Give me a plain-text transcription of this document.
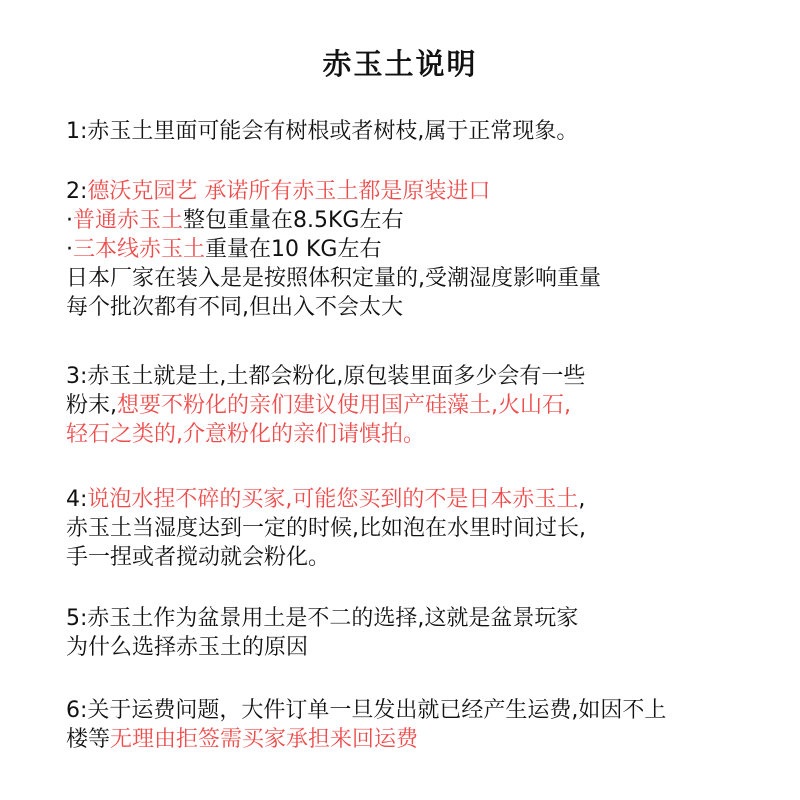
赤玉土说明
1:赤玉土里面可能会有树根或者树枝,属于正常现象。
2:德沃克园艺 承诺所有赤玉土都是原装进口
·普通赤玉土整包重量在8.5KG左右
·三本线赤玉土重量在10 KG左右
日本厂家在装入是是按照体积定量的,受潮湿度影响重量
每个批次都有不同,但出入不会太大
3:赤玉土就是土,土都会粉化,原包装里面多少会有一些
粉末,想要不粉化的亲们建议使用国产硅藻土,火山石,
轻石之类的,介意粉化的亲们请慎拍。
4:说泡水捏不碎的买家,可能您买到的不是日本赤玉土,
赤玉土当湿度达到一定的时候,比如泡在水里时间过长,
手一捏或者搅动就会粉化。
5:赤玉土作为盆景用土是不二的选择,这就是盆景玩家
为什么选择赤玉土的原因
6:关于运费问题，大件订单一旦发出就已经产生运费,如因不上
楼等无理由拒签需买家承担来回运费
